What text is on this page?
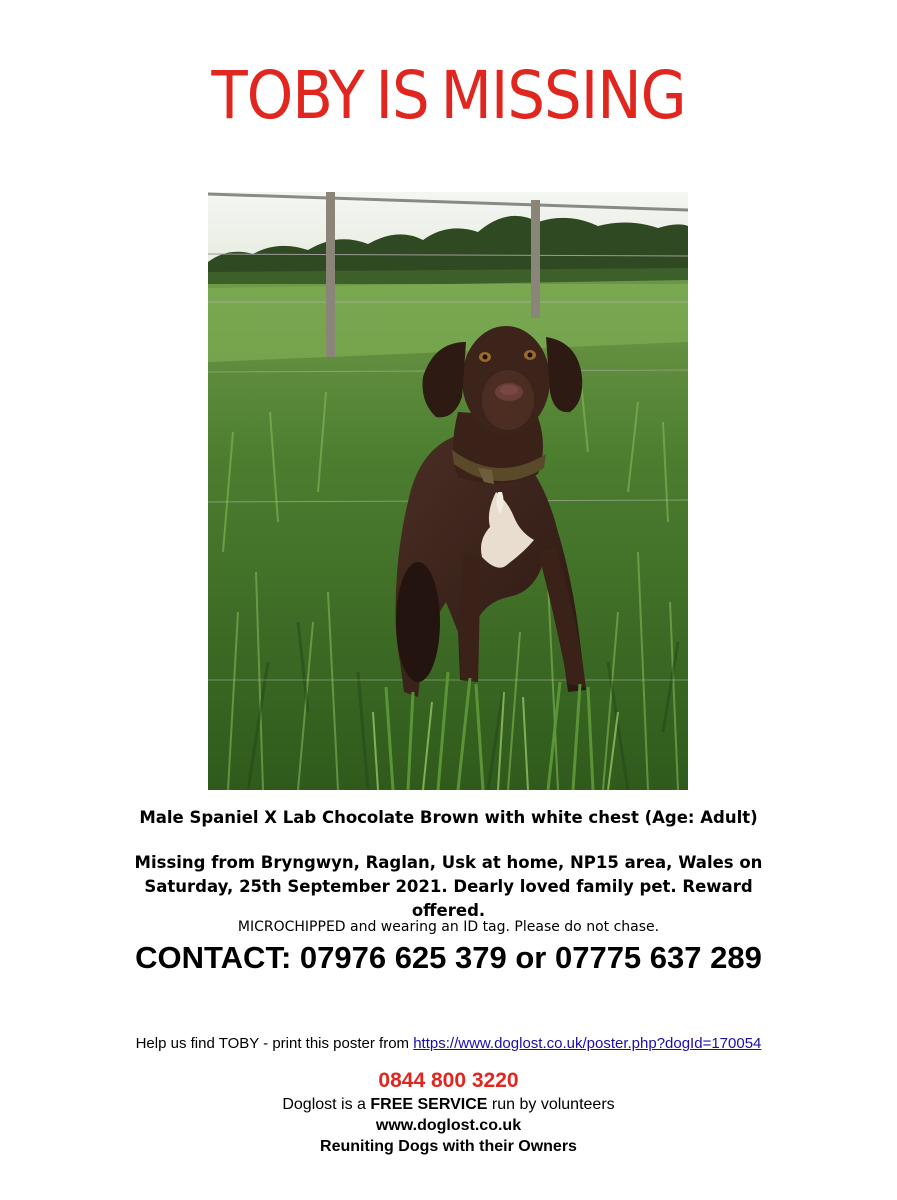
TOBY IS MISSING
Male Spaniel X Lab Chocolate Brown with white chest (Age: Adult)
Missing from Bryngwyn, Raglan, Usk at home, NP15 area, Wales on Saturday, 25th September 2021. Dearly loved family pet. Reward offered.
MICROCHIPPED and wearing an ID tag. Please do not chase.
CONTACT: 07976 625 379 or 07775 637 289
Help us find TOBY - print this poster from https://www.doglost.co.uk/poster.php?dogId=170054
0844 800 3220
Doglost is a FREE SERVICE run by volunteers
www.doglost.co.uk
Reuniting Dogs with their Owners
